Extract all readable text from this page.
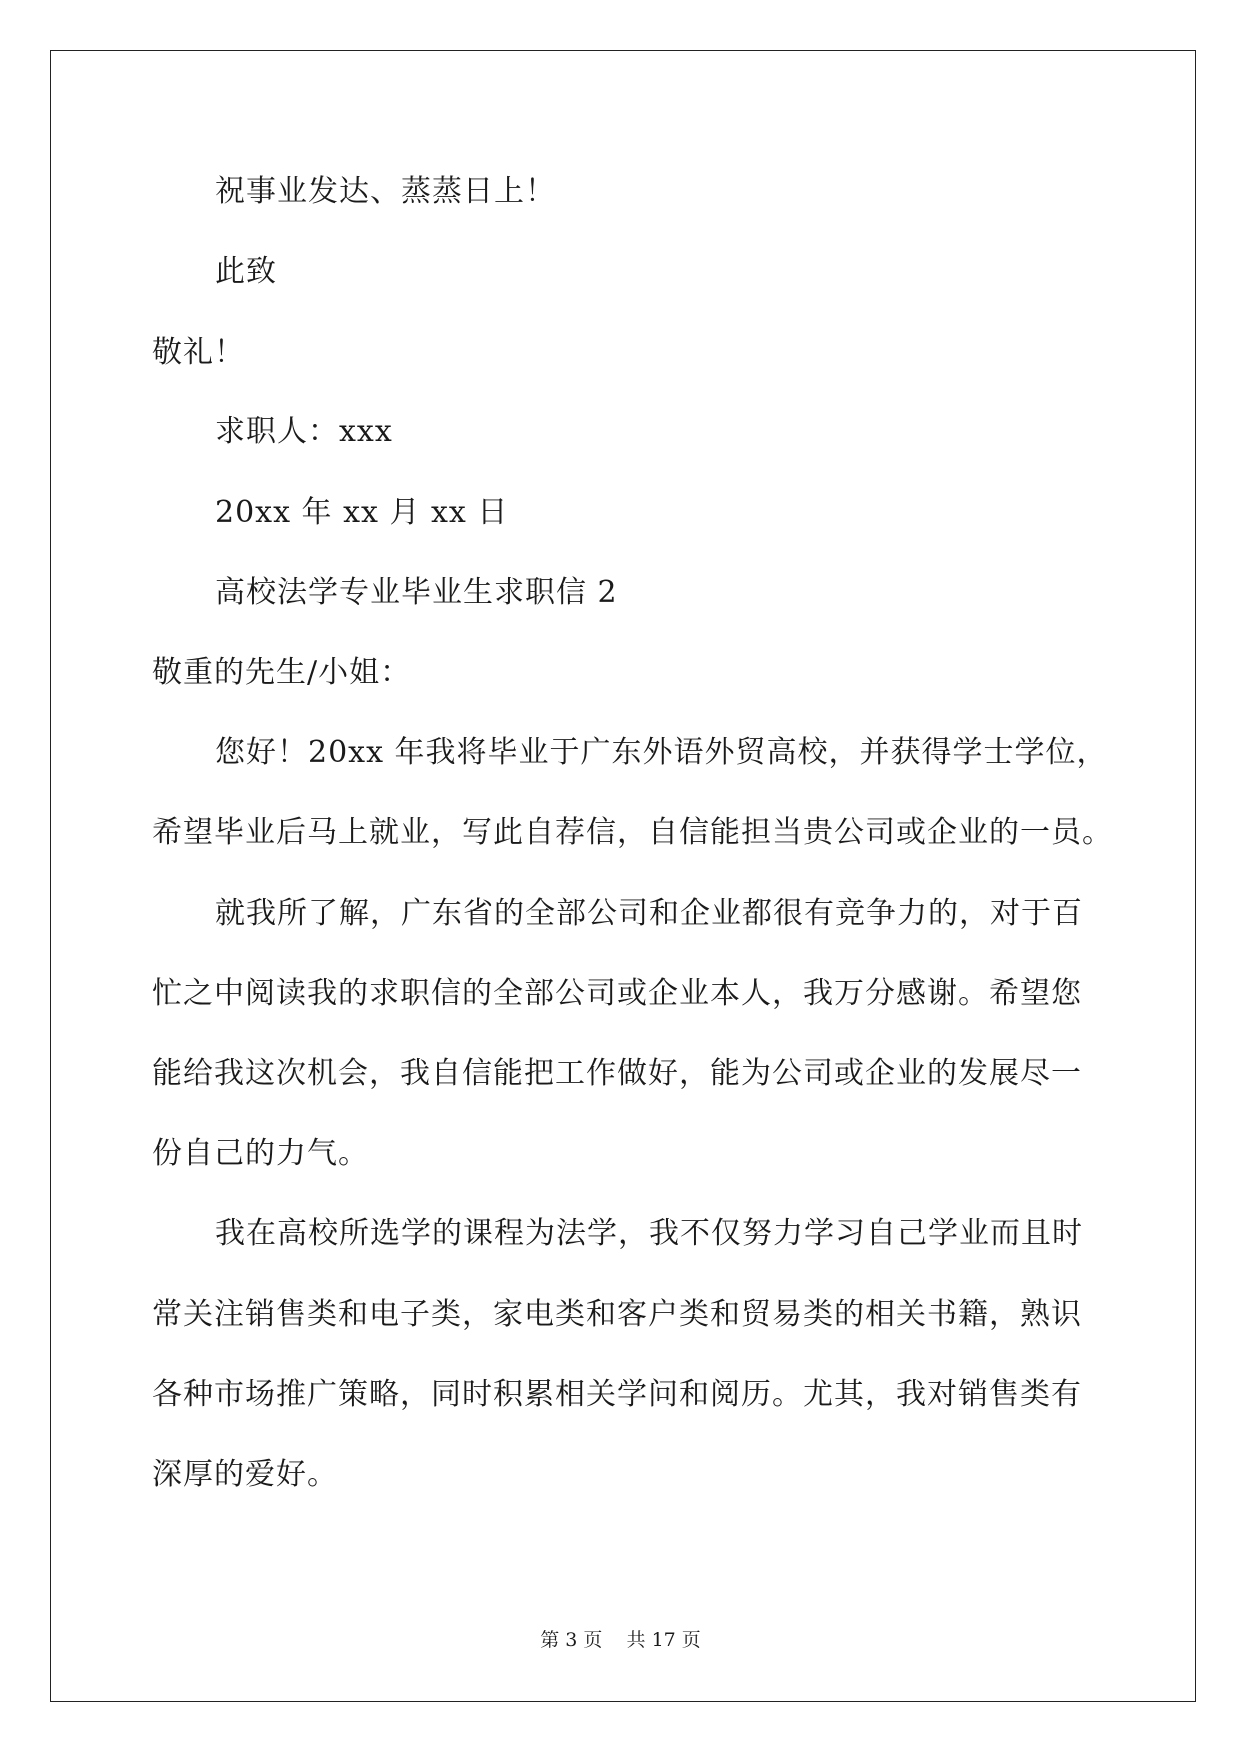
祝事业发达、蒸蒸日上！
此致
敬礼！
求职人：xxx
20xx 年 xx 月 xx 日
高校法学专业毕业生求职信 2
敬重的先生/小姐：
您好！20xx 年我将毕业于广东外语外贸高校，并获得学士学位，
希望毕业后马上就业，写此自荐信，自信能担当贵公司或企业的一员。
就我所了解，广东省的全部公司和企业都很有竞争力的，对于百
忙之中阅读我的求职信的全部公司或企业本人，我万分感谢。希望您
能给我这次机会，我自信能把工作做好，能为公司或企业的发展尽一
份自己的力气。
我在高校所选学的课程为法学，我不仅努力学习自己学业而且时
常关注销售类和电子类，家电类和客户类和贸易类的相关书籍，熟识
各种市场推广策略，同时积累相关学问和阅历。尤其，我对销售类有
深厚的爱好。
第 3 页    共 17 页
